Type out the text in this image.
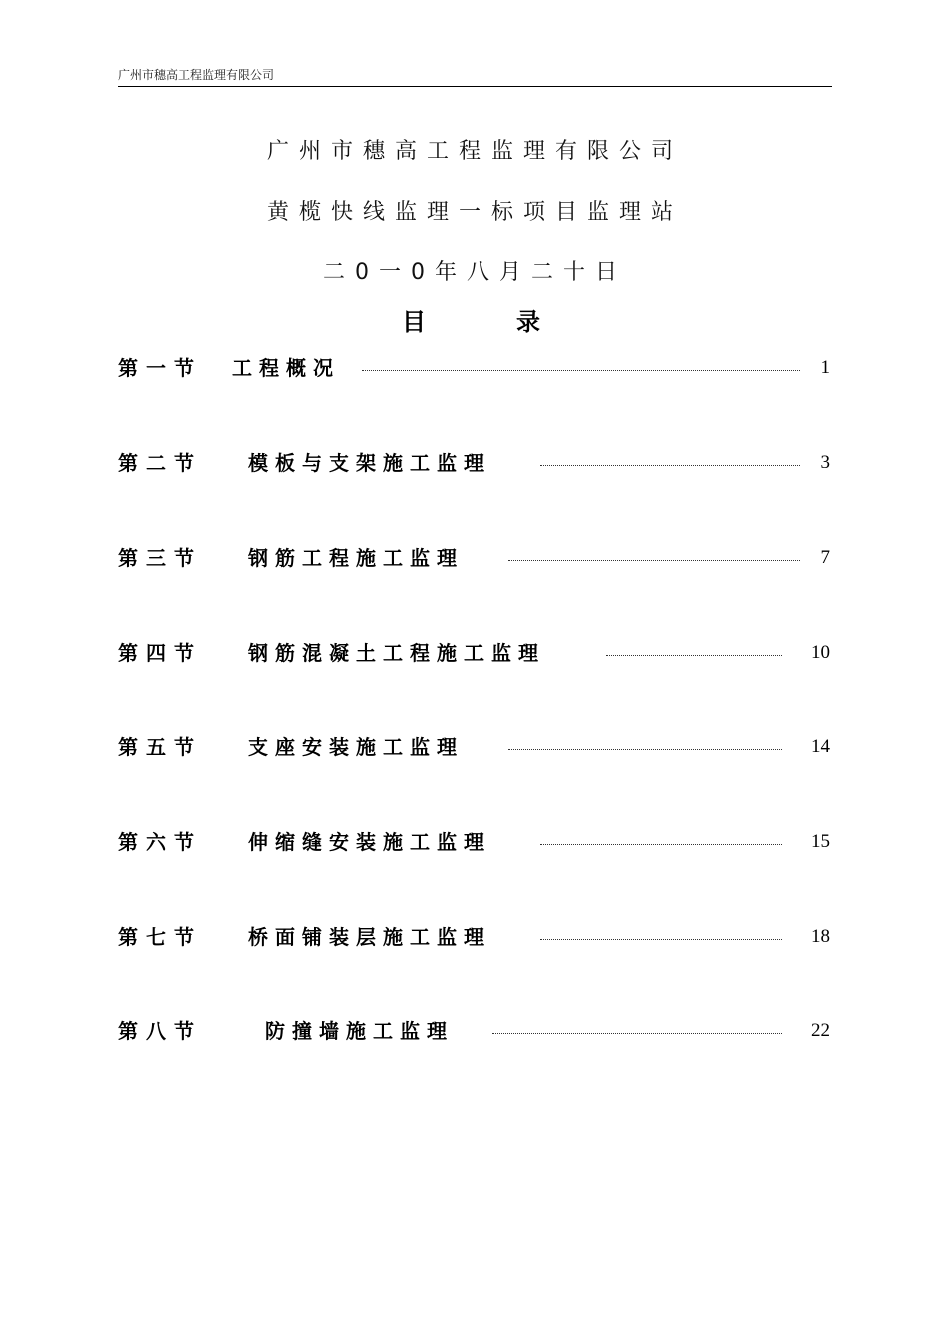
广州市穗高工程监理有限公司
广州市穗高工程监理有限公司
黄榄快线监理一标项目监理站
二0一0年八月二十日
目	录
第一节 工程概况	1
第二节 模板与支架施工监理	3
第三节 钢筋工程施工监理	7
第四节 钢筋混凝土工程施工监理	10
第五节 支座安装施工监理	14
第六节 伸缩缝安装施工监理	15
第七节 桥面铺装层施工监理	18
第八节	防撞墙施工监理	22
